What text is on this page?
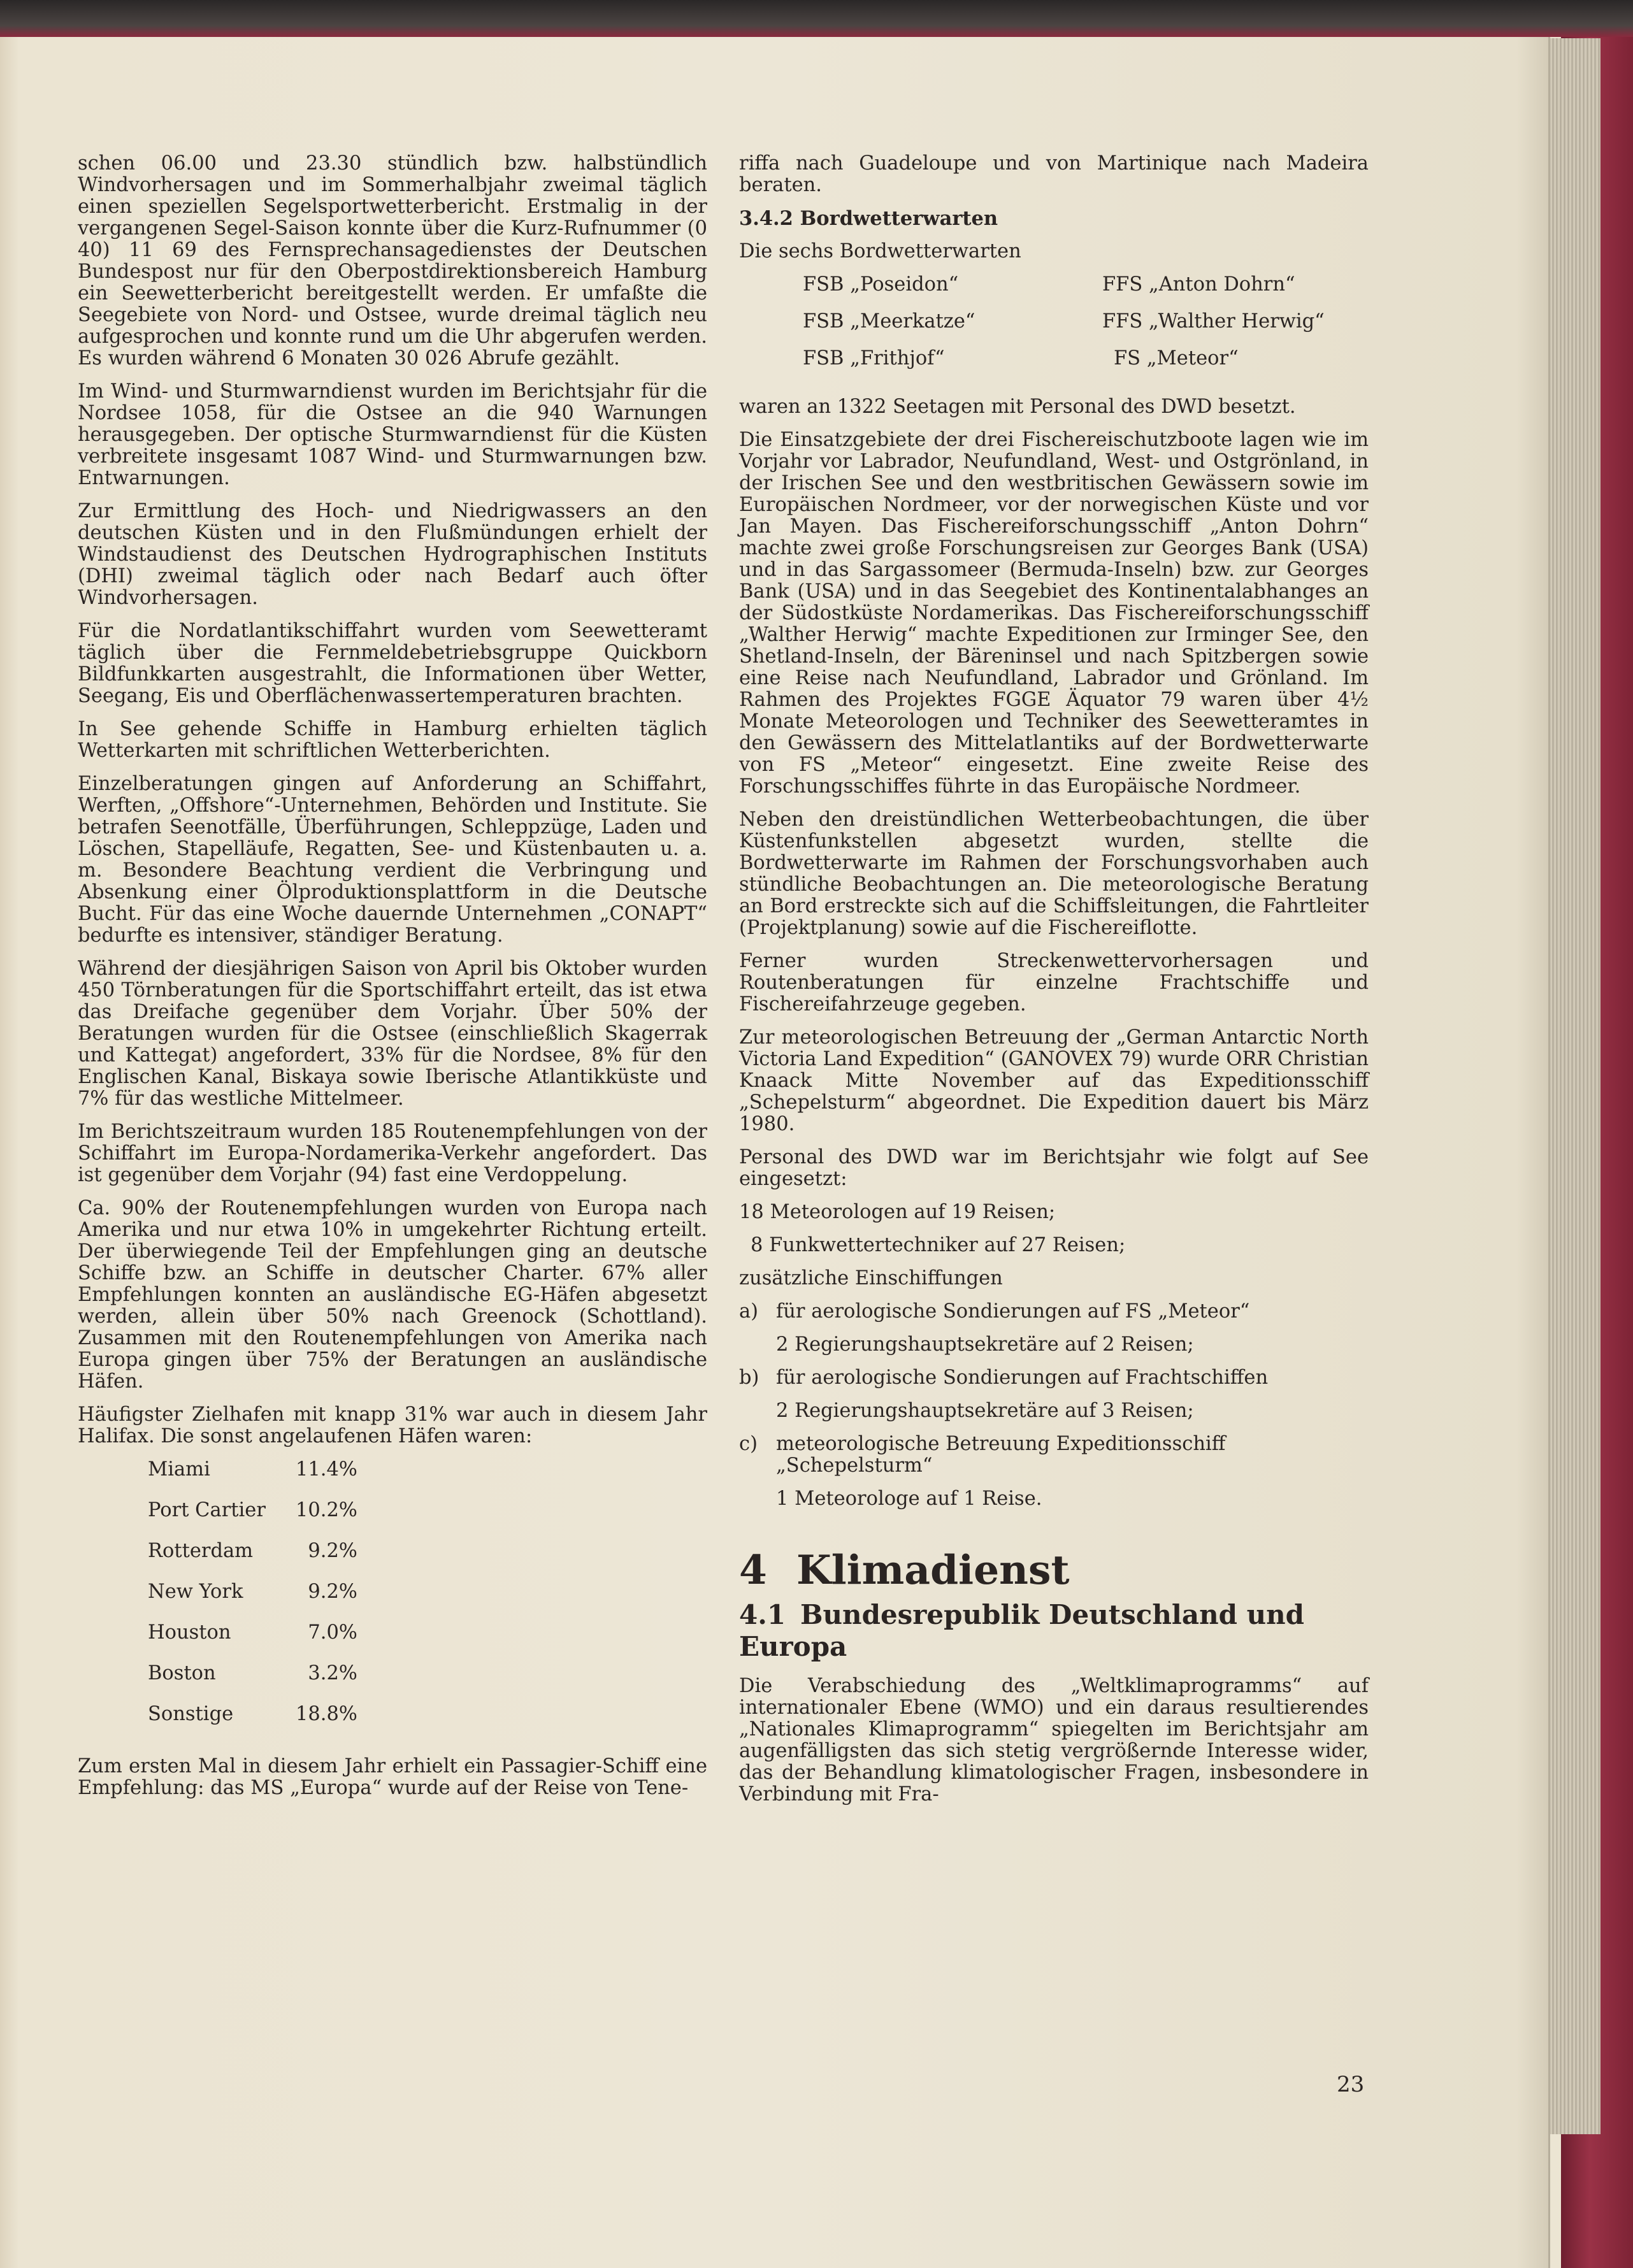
schen 06.00 und 23.30 stündlich bzw. halbstündlich Windvorhersagen und im Sommerhalbjahr zweimal täglich einen speziellen Segelsportwetterbericht. Erstmalig in der vergangenen Segel-Saison konnte über die Kurz-Rufnummer (0 40) 11 69 des Fernsprechansagedienstes der Deutschen Bundespost nur für den Oberpostdirektionsbereich Hamburg ein Seewetterbericht bereitgestellt werden. Er umfaßte die Seegebiete von Nord- und Ostsee, wurde dreimal täglich neu aufgesprochen und konnte rund um die Uhr abgerufen werden. Es wurden während 6 Monaten 30 026 Abrufe gezählt.

Im Wind- und Sturmwarndienst wurden im Berichtsjahr für die Nordsee 1058, für die Ostsee an die 940 Warnungen herausgegeben. Der optische Sturmwarndienst für die Küsten verbreitete insgesamt 1087 Wind- und Sturmwarnungen bzw. Entwarnungen.

Zur Ermittlung des Hoch- und Niedrigwassers an den deutschen Küsten und in den Flußmündungen erhielt der Windstaudienst des Deutschen Hydrographischen Instituts (DHI) zweimal täglich oder nach Bedarf auch öfter Windvorhersagen.

Für die Nordatlantikschiffahrt wurden vom Seewetteramt täglich über die Fernmeldebetriebsgruppe Quickborn Bildfunkkarten ausgestrahlt, die Informationen über Wetter, Seegang, Eis und Oberflächenwassertemperaturen brachten.

In See gehende Schiffe in Hamburg erhielten täglich Wetterkarten mit schriftlichen Wetterberichten.

Einzelberatungen gingen auf Anforderung an Schiffahrt, Werften, „Offshore“-Unternehmen, Behörden und Institute. Sie betrafen Seenotfälle, Überführungen, Schleppzüge, Laden und Löschen, Stapelläufe, Regatten, See- und Küstenbauten u. a. m. Besondere Beachtung verdient die Verbringung und Absenkung einer Ölproduktionsplattform in die Deutsche Bucht. Für das eine Woche dauernde Unternehmen „CONAPT“ bedurfte es intensiver, ständiger Beratung.

Während der diesjährigen Saison von April bis Oktober wurden 450 Törnberatungen für die Sportschiffahrt erteilt, das ist etwa das Dreifache gegenüber dem Vorjahr. Über 50% der Beratungen wurden für die Ostsee (einschließlich Skagerrak und Kattegat) angefordert, 33% für die Nordsee, 8% für den Englischen Kanal, Biskaya sowie Iberische Atlantikküste und 7% für das westliche Mittelmeer.

Im Berichtszeitraum wurden 185 Routenempfehlungen von der Schiffahrt im Europa-Nordamerika-Verkehr angefordert. Das ist gegenüber dem Vorjahr (94) fast eine Verdoppelung.

Ca. 90% der Routenempfehlungen wurden von Europa nach Amerika und nur etwa 10% in umgekehrter Richtung erteilt. Der überwiegende Teil der Empfehlungen ging an deutsche Schiffe bzw. an Schiffe in deutscher Charter. 67% aller Empfehlungen konnten an ausländische EG-Häfen abgesetzt werden, allein über 50% nach Greenock (Schottland). Zusammen mit den Routenempfehlungen von Amerika nach Europa gingen über 75% der Beratungen an ausländische Häfen.

Häufigster Zielhafen mit knapp 31% war auch in diesem Jahr Halifax. Die sonst angelaufenen Häfen waren:

Miami	11.4%
Port Cartier	10.2%
Rotterdam	9.2%
New York	9.2%
Houston	7.0%
Boston	3.2%
Sonstige	18.8%

Zum ersten Mal in diesem Jahr erhielt ein Passagier-Schiff eine Empfehlung: das MS „Europa“ wurde auf der Reise von Tene-

riffa nach Guadeloupe und von Martinique nach Madeira beraten.

3.4.2 Bordwetterwarten

Die sechs Bordwetterwarten

FSB „Poseidon“	FFS „Anton Dohrn“
FSB „Meerkatze“	FFS „Walther Herwig“
FSB „Frithjof“	FS „Meteor“

waren an 1322 Seetagen mit Personal des DWD besetzt.

Die Einsatzgebiete der drei Fischereischutzboote lagen wie im Vorjahr vor Labrador, Neufundland, West- und Ostgrönland, in der Irischen See und den westbritischen Gewässern sowie im Europäischen Nordmeer, vor der norwegischen Küste und vor Jan Mayen. Das Fischereiforschungsschiff „Anton Dohrn“ machte zwei große Forschungsreisen zur Georges Bank (USA) und in das Sargassomeer (Bermuda-Inseln) bzw. zur Georges Bank (USA) und in das Seegebiet des Kontinentalabhanges an der Südostküste Nordamerikas. Das Fischereiforschungsschiff „Walther Herwig“ machte Expeditionen zur Irminger See, den Shetland-Inseln, der Bäreninsel und nach Spitzbergen sowie eine Reise nach Neufundland, Labrador und Grönland. Im Rahmen des Projektes FGGE Äquator 79 waren über 4½ Monate Meteorologen und Techniker des Seewetteramtes in den Gewässern des Mittelatlantiks auf der Bordwetterwarte von FS „Meteor“ eingesetzt. Eine zweite Reise des Forschungsschiffes führte in das Europäische Nordmeer.

Neben den dreistündlichen Wetterbeobachtungen, die über Küstenfunkstellen abgesetzt wurden, stellte die Bordwetterwarte im Rahmen der Forschungsvorhaben auch stündliche Beobachtungen an. Die meteorologische Beratung an Bord erstreckte sich auf die Schiffsleitungen, die Fahrtleiter (Projektplanung) sowie auf die Fischereiflotte.

Ferner wurden Streckenwettervorhersagen und Routenberatungen für einzelne Frachtschiffe und Fischereifahrzeuge gegeben.

Zur meteorologischen Betreuung der „German Antarctic North Victoria Land Expedition“ (GANOVEX 79) wurde ORR Christian Knaack Mitte November auf das Expeditionsschiff „Schepelsturm“ abgeordnet. Die Expedition dauert bis März 1980.

Personal des DWD war im Berichtsjahr wie folgt auf See eingesetzt:

18 Meteorologen auf 19 Reisen;
8 Funkwettertechniker auf 27 Reisen;
zusätzliche Einschiffungen
a) für aerologische Sondierungen auf FS „Meteor“
2 Regierungshauptsekretäre auf 2 Reisen;
b) für aerologische Sondierungen auf Frachtschiffen
2 Regierungshauptsekretäre auf 3 Reisen;
c) meteorologische Betreuung Expeditionsschiff „Schepelsturm“
1 Meteorologe auf 1 Reise.
4 Klimadienst
4.1 Bundesrepublik Deutschland und Europa

Die Verabschiedung des „Weltklimaprogramms“ auf internationaler Ebene (WMO) und ein daraus resultierendes „Nationales Klimaprogramm“ spiegelten im Berichtsjahr am augenfälligsten das sich stetig vergrößernde Interesse wider, das der Behandlung klimatologischer Fragen, insbesondere in Verbindung mit Fra-

23
